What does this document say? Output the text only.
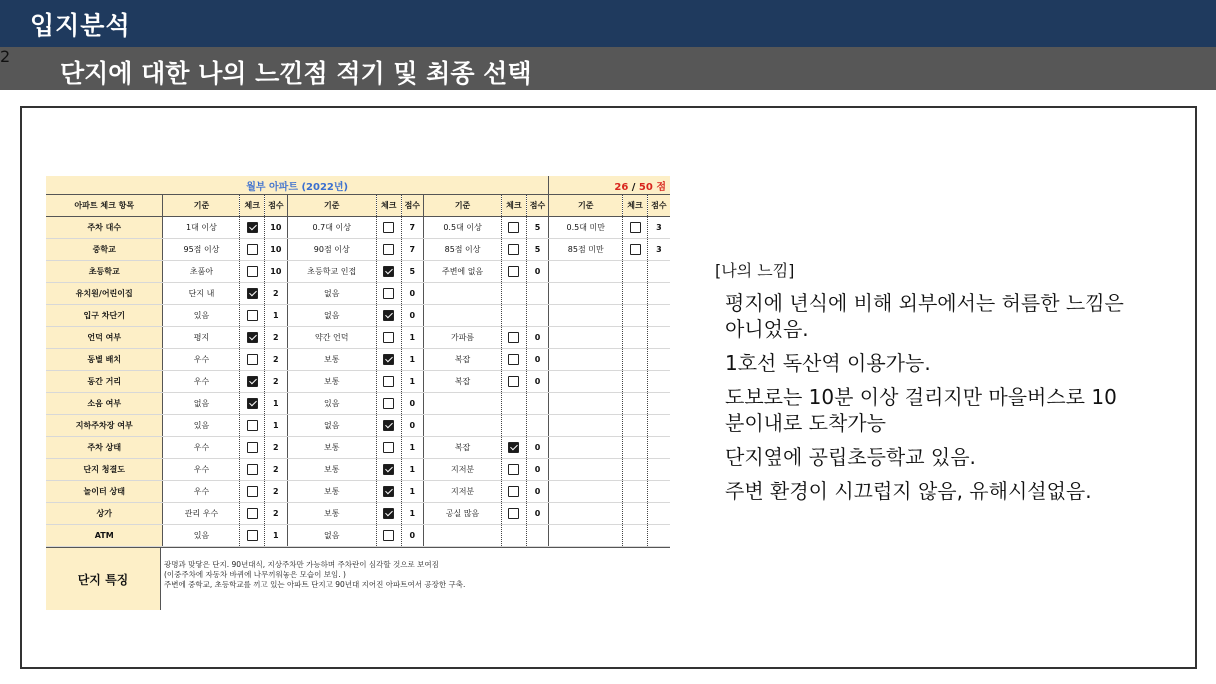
입지분석
2
단지에 대한 나의 느낀점 적기 및 최종 선택
월부 아파트 (2022년)										26 / 50 점		
아파트 체크 항목	기준	체크	점수	기준	체크	점수	기준	체크	점수	기준	체크	점수
주차 대수	1대 이상		10	0.7대 이상		7	0.5대 이상		5	0.5대 미만		3
중학교	95점 이상		10	90점 이상		7	85점 이상		5	85점 미만		3
초등학교	초품아		10	초등학교 인접		5	주변에 없음		0			
유치원/어린이집	단지 내		2	없음		0						
입구 차단기	있음		1	없음		0						
언덕 여부	평지		2	약간 언덕		1	가파름		0			
동별 배치	우수		2	보통		1	복잡		0			
동간 거리	우수		2	보통		1	복잡		0			
소음 여부	없음		1	있음		0						
지하주차장 여부	있음		1	없음		0						
주차 상태	우수		2	보통		1	복잡		0			
단지 청결도	우수		2	보통		1	지저분		0			
놀이터 상태	우수		2	보통		1	지저분		0			
상가	관리 우수		2	보통		1	공실 많음		0			
ATM	있음		1	없음		0						
단지 특징
광명과 맞닿은 단지. 90년대식, 지상주차만 가능하며 주차란이 심각할 것으로 보여짐
(이중주차에 자동차 바퀴에 나무끼워놓은 모습이 보임. )
주변에 중학교, 초등학교를 끼고 있는 아파트 단지고 90년대 지어진 아파트여서 공장한 구축.
[나의 느낌]
평지에 년식에 비해 외부에서는 허름한 느낌은 아니었음.
1호선 독산역 이용가능.
도보로는 10분 이상 걸리지만 마을버스로 10분이내로 도착가능
단지옆에 공립초등학교 있음.
주변 환경이 시끄럽지 않음, 유해시설없음.
